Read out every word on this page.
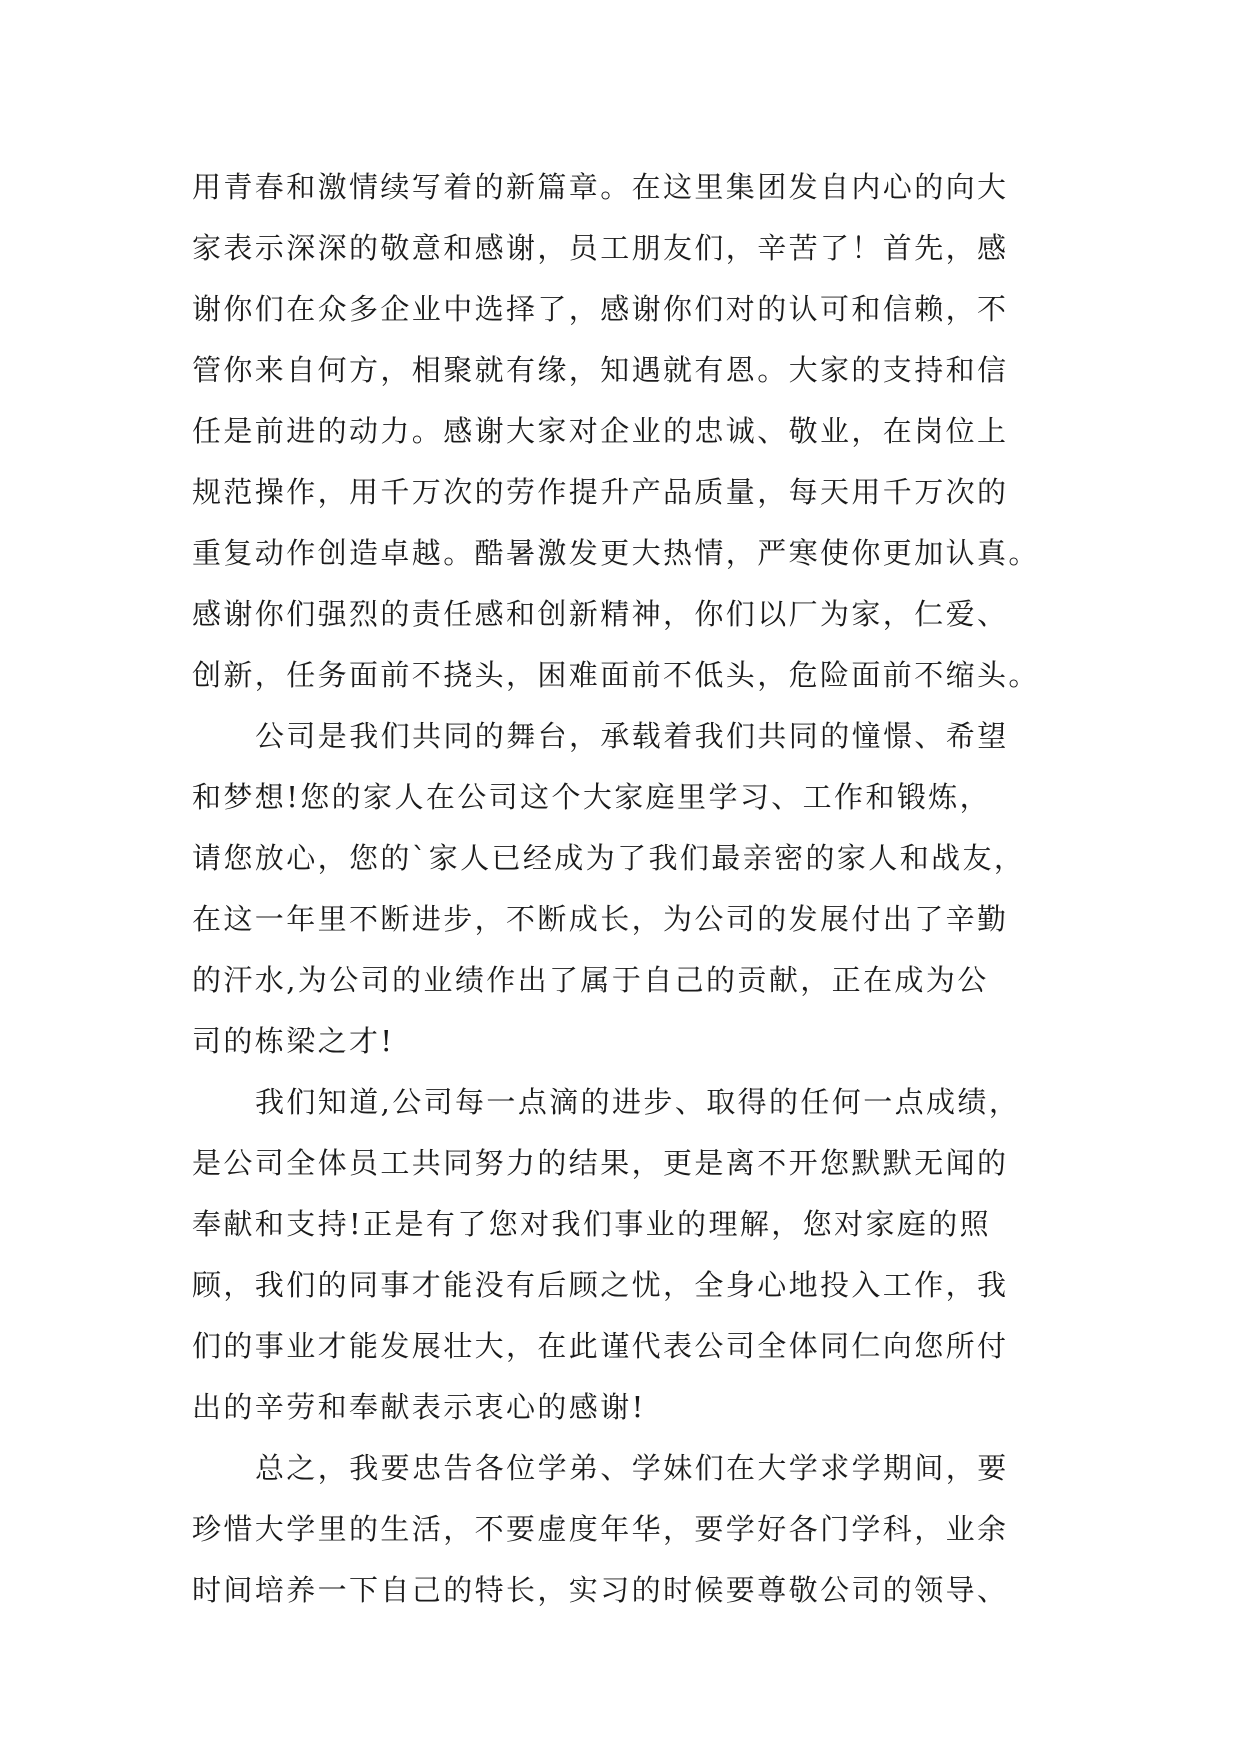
用青春和激情续写着的新篇章。在这里集团发自内心的向大
家表示深深的敬意和感谢，员工朋友们，辛苦了！首先，感
谢你们在众多企业中选择了，感谢你们对的认可和信赖，不
管你来自何方，相聚就有缘，知遇就有恩。大家的支持和信
任是前进的动力。感谢大家对企业的忠诚、敬业，在岗位上
规范操作，用千万次的劳作提升产品质量，每天用千万次的
重复动作创造卓越。酷暑激发更大热情，严寒使你更加认真。
感谢你们强烈的责任感和创新精神，你们以厂为家，仁爱、
创新，任务面前不挠头，困难面前不低头，危险面前不缩头。
公司是我们共同的舞台，承载着我们共同的憧憬、希望
和梦想!您的家人在公司这个大家庭里学习、工作和锻炼，
请您放心，您的`家人已经成为了我们最亲密的家人和战友，
在这一年里不断进步，不断成长，为公司的发展付出了辛勤
的汗水,为公司的业绩作出了属于自己的贡献，正在成为公
司的栋梁之才!
我们知道,公司每一点滴的进步、取得的任何一点成绩，
是公司全体员工共同努力的结果，更是离不开您默默无闻的
奉献和支持!正是有了您对我们事业的理解，您对家庭的照
顾，我们的同事才能没有后顾之忧，全身心地投入工作，我
们的事业才能发展壮大，在此谨代表公司全体同仁向您所付
出的辛劳和奉献表示衷心的感谢!
总之，我要忠告各位学弟、学妹们在大学求学期间，要
珍惜大学里的生活，不要虚度年华，要学好各门学科，业余
时间培养一下自己的特长，实习的时候要尊敬公司的领导、
